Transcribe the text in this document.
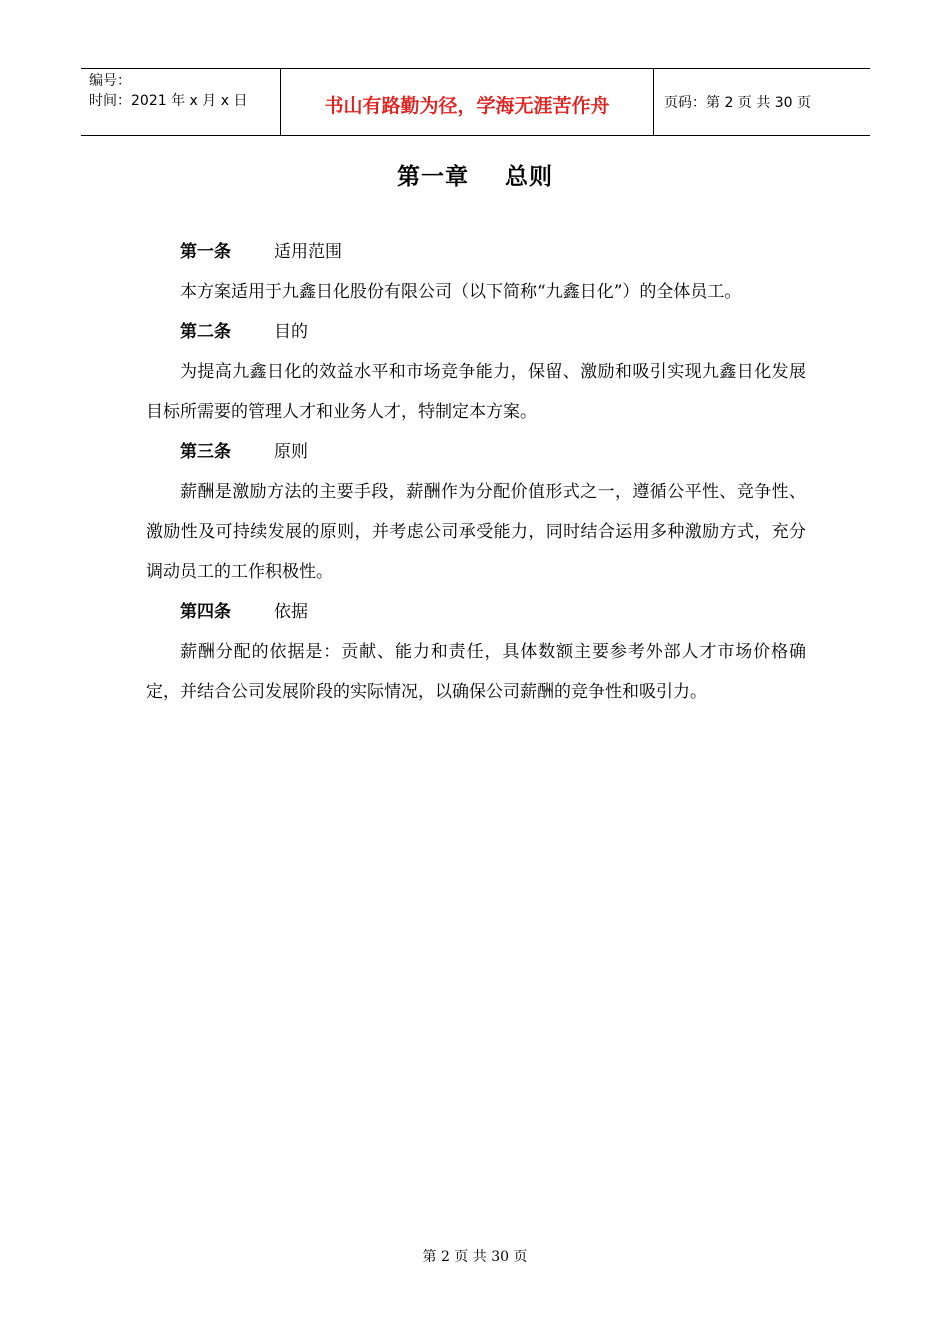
编号：
时间：2021 年 x 月 x 日	书山有路勤为径，学海无涯苦作舟	页码：第 2 页 共 30 页
第一章    总则
第一条	适用范围

本方案适用于九鑫日化股份有限公司（以下简称“九鑫日化”）的全体员工。

第二条	目的

为提高九鑫日化的效益水平和市场竞争能力，保留、激励和吸引实现九鑫日化发展目标所需要的管理人才和业务人才，特制定本方案。

第三条	原则

薪酬是激励方法的主要手段，薪酬作为分配价值形式之一，遵循公平性、竞争性、激励性及可持续发展的原则，并考虑公司承受能力，同时结合运用多种激励方式，充分调动员工的工作积极性。

第四条	依据

薪酬分配的依据是：贡献、能力和责任，具体数额主要参考外部人才市场价格确定，并结合公司发展阶段的实际情况，以确保公司薪酬的竞争性和吸引力。

第 2 页 共 30 页
